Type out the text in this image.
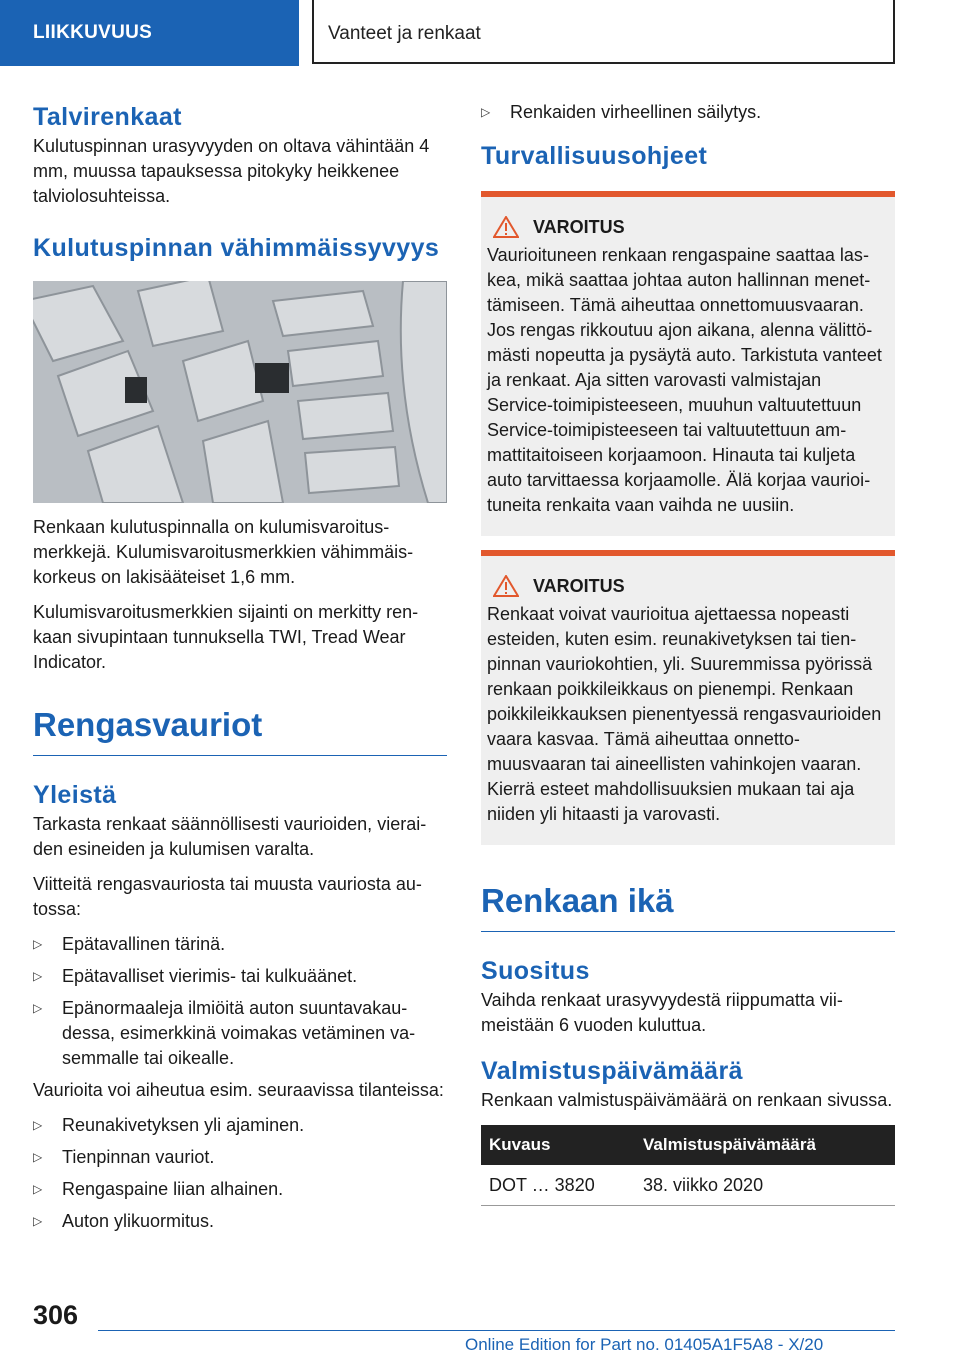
LIIKKUVUUS	Vanteet ja renkaat
Talvirenkaat

Kulutuspinnan urasyvyyden on oltava vähintään 4 mm, muussa tapauksessa pitokyky heikkenee talviolosuhteissa.

Kulutuspinnan vähimmäissyvyys

Renkaan kulutuspinnalla on kulumisvaroitusmerkkejä. Kulumisvaroitusmerkkien vähimmäiskorkeus on lakisääteiset 1,6 mm.

Kulumisvaroitusmerkkien sijainti on merkitty renkaan sivupintaan tunnuksella TWI, Tread Wear Indicator.

Rengasvauriot
Yleistä

Tarkasta renkaat säännöllisesti vaurioiden, vieraiden esineiden ja kulumisen varalta.

Viitteitä rengasvauriosta tai muusta vauriosta autossa:

▷ Epätavallinen tärinä.
▷ Epätavalliset vierimis- tai kulkuäänet.
▷ Epänormaaleja ilmiöitä auton suuntavakaudessa, esimerkkinä voimakas vetäminen vasemmalle tai oikealle.

Vaurioita voi aiheutua esim. seuraavissa tilanteissa:

▷ Reunakivetyksen yli ajaminen.
▷ Tienpinnan vauriot.
▷ Rengaspaine liian alhainen.
▷ Auton ylikuormitus.
▷ Renkaiden virheellinen säilytys.
Turvallisuusohjeet
VAROITUS

Vaurioituneen renkaan rengaspaine saattaa laskea, mikä saattaa johtaa auton hallinnan menettämiseen. Tämä aiheuttaa onnettomuusvaaran. Jos rengas rikkoutuu ajon aikana, alenna välittömästi nopeutta ja pysäytä auto. Tarkistuta vanteet ja renkaat. Aja sitten varovasti valmistajan Service-toimipisteeseen, muuhun valtuutettuun Service-toimipisteeseen tai valtuutettuun ammattitaitoiseen korjaamoon. Hinauta tai kuljeta auto tarvittaessa korjaamolle. Älä korjaa vaurioituneita renkaita vaan vaihda ne uusiin.

VAROITUS

Renkaat voivat vaurioitua ajettaessa nopeasti esteiden, kuten esim. reunakivetyksen tai tienpinnan vauriokohtien, yli. Suuremmissa pyörissä renkaan poikkileikkaus on pienempi. Renkaan poikkileikkauksen pienentyessä rengasvaurioiden vaara kasvaa. Tämä aiheuttaa onnettomuusvaaran tai aineellisten vahinkojen vaaran. Kierrä esteet mahdollisuuksien mukaan tai aja niiden yli hitaasti ja varovasti.

Renkaan ikä
Suositus

Vaihda renkaat urasyvyydestä riippumatta viimeistään 6 vuoden kuluttua.

Valmistuspäivämäärä

Renkaan valmistuspäivämäärä on renkaan sivussa.

Kuvaus	Valmistuspäivämäärä
DOT … 3820	38. viikko 2020
306
Online Edition for Part no. 01405A1F5A8 - X/20
